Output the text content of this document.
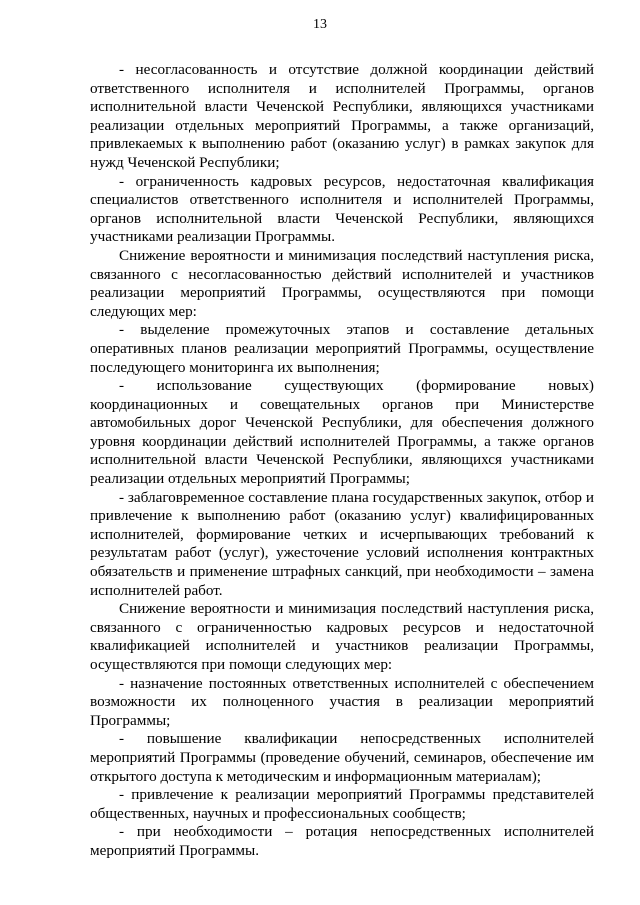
13

- несогласованность и отсутствие должной координации действий ответственного исполнителя и исполнителей Программы, органов исполнительной власти Чеченской Республики, являющихся участниками реализации отдельных мероприятий Программы, а также организаций, привлекаемых к выполнению работ (оказанию услуг) в рамках закупок для нужд Чеченской Республики;

- ограниченность кадровых ресурсов, недостаточная квалификация специалистов ответственного исполнителя и исполнителей Программы, органов исполнительной власти Чеченской Республики, являющихся участниками реализации Программы.

Снижение вероятности и минимизация последствий наступления риска, связанного с несогласованностью действий исполнителей и участников реализации мероприятий Программы, осуществляются при помощи следующих мер:

- выделение промежуточных этапов и составление детальных оперативных планов реализации мероприятий Программы, осуществление последующего мониторинга их выполнения;

- использование существующих (формирование новых) координационных и совещательных органов при Министерстве автомобильных дорог Чеченской Республики, для обеспечения должного уровня координации действий исполнителей Программы, а также органов исполнительной власти Чеченской Республики, являющихся участниками реализации отдельных мероприятий Программы;

- заблаговременное составление плана государственных закупок, отбор и привлечение к выполнению работ (оказанию услуг) квалифицированных исполнителей, формирование четких и исчерпывающих требований к результатам работ (услуг), ужесточение условий исполнения контрактных обязательств и применение штрафных санкций, при необходимости – замена исполнителей работ.

Снижение вероятности и минимизация последствий наступления риска, связанного с ограниченностью кадровых ресурсов и недостаточной квалификацией исполнителей и участников реализации Программы, осуществляются при помощи следующих мер:

- назначение постоянных ответственных исполнителей с обеспечением возможности их полноценного участия в реализации мероприятий Программы;

- повышение квалификации непосредственных исполнителей мероприятий Программы (проведение обучений, семинаров, обеспечение им открытого доступа к методическим и информационным материалам);

- привлечение к реализации мероприятий Программы представителей общественных, научных и профессиональных сообществ;

- при необходимости – ротация непосредственных исполнителей мероприятий Программы.
